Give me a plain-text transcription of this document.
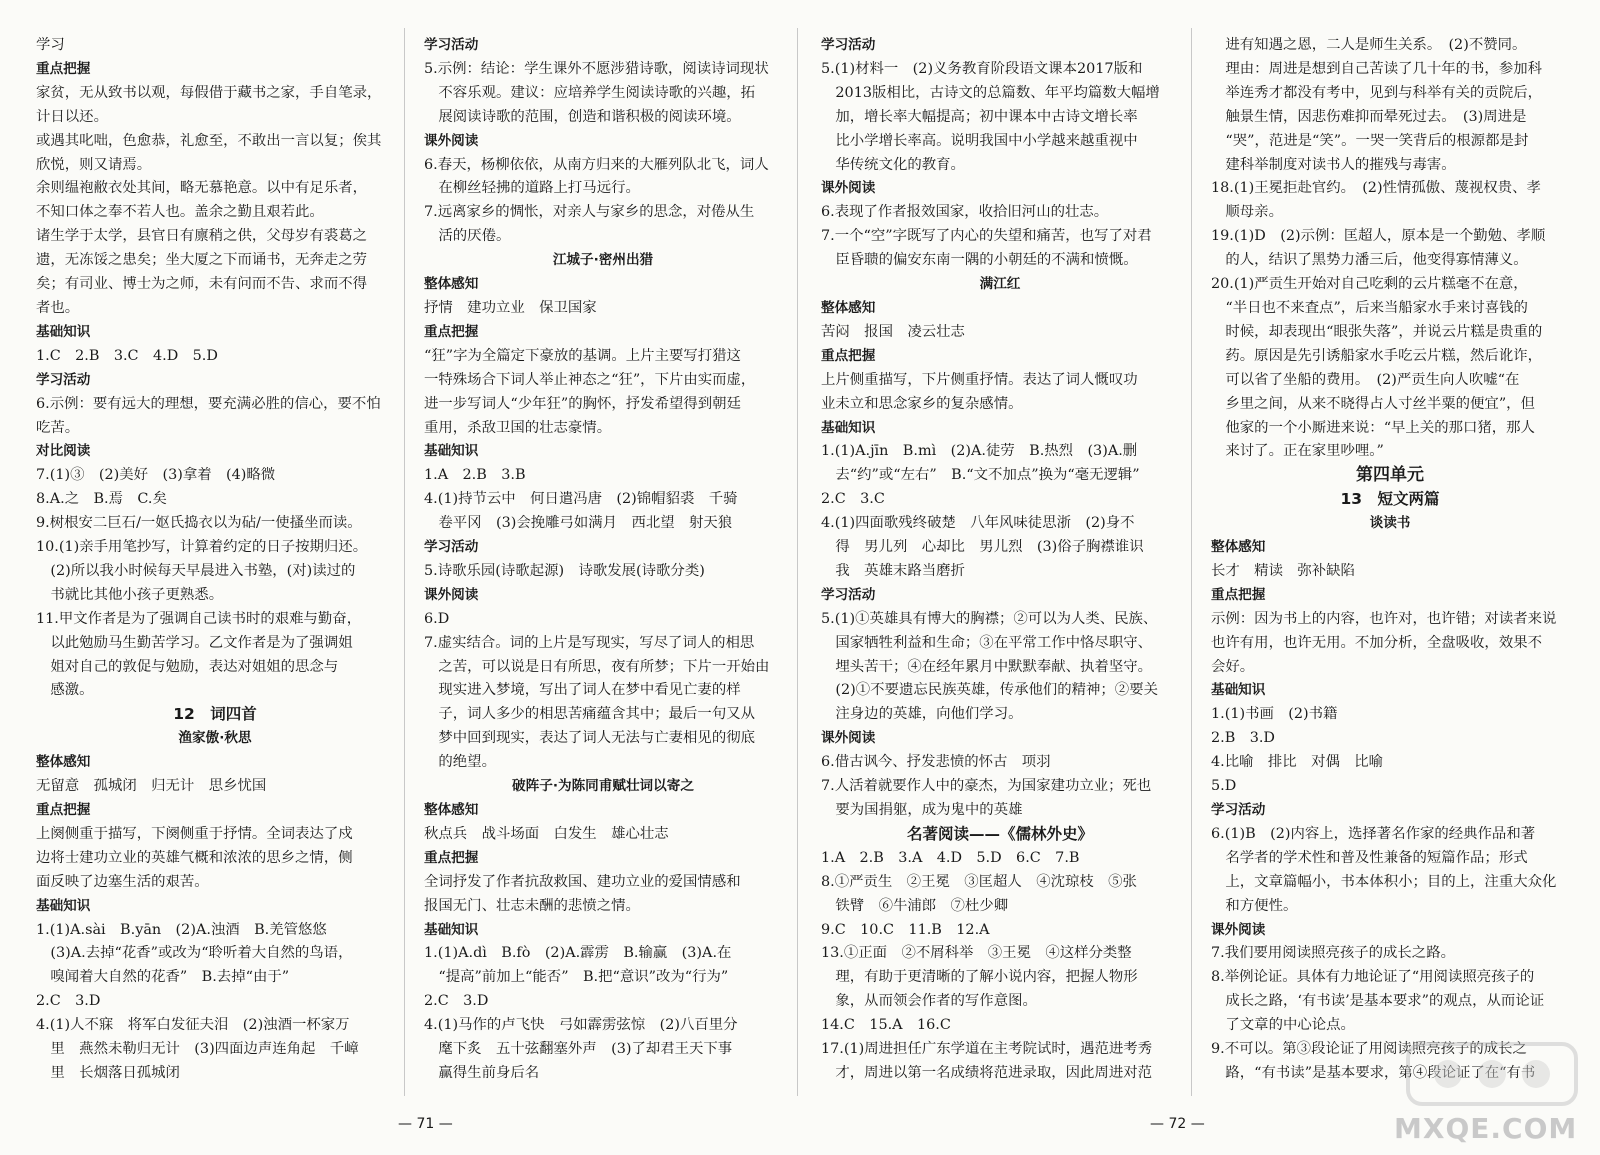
学习
重点把握
家贫，无从致书以观，每假借于藏书之家，手自笔录，
计日以还。
或遇其叱咄，色愈恭，礼愈至，不敢出一言以复；俟其
欣悦，则又请焉。
余则缊袍敝衣处其间，略无慕艳意。以中有足乐者，
不知口体之奉不若人也。盖余之勤且艰若此。
诸生学于太学，县官日有廪稍之供，父母岁有裘葛之
遗，无冻馁之患矣；坐大厦之下而诵书，无奔走之劳
矣；有司业、博士为之师，未有问而不告、求而不得
者也。
基础知识
1.C　2.B　3.C　4.D　5.D
学习活动
6.示例：要有远大的理想，要充满必胜的信心，要不怕
吃苦。
对比阅读
7.(1)③　(2)美好　(3)拿着　(4)略微
8.A.之　B.焉　C.矣
9.树根安二巨石/一妪氏捣衣以为砧/一使搔坐而读。
10.(1)亲手用笔抄写，计算着约定的日子按期归还。
　(2)所以我小时候每天早晨进入书塾，(对)读过的
　书就比其他小孩子更熟悉。
11.甲文作者是为了强调自己读书时的艰难与勤奋，
　以此勉励马生勤苦学习。乙文作者是为了强调姐
　姐对自己的敦促与勉励，表达对姐姐的思念与
　感激。
12　词四首
渔家傲·秋思
整体感知
无留意　孤城闭　归无计　思乡忧国
重点把握
上阕侧重于描写，下阕侧重于抒情。全词表达了戍
边将士建功立业的英雄气概和浓浓的思乡之情，侧
面反映了边塞生活的艰苦。
基础知识
1.(1)A.sài　B.yān　(2)A.浊酒　B.羌管悠悠
　(3)A.去掉“花香”或改为“聆听着大自然的鸟语，
　嗅闻着大自然的花香”　B.去掉“由于”
2.C　3.D
4.(1)人不寐　将军白发征夫泪　(2)浊酒一杯家万
　里　燕然未勒归无计　(3)四面边声连角起　千嶂
　里　长烟落日孤城闭
学习活动
5.示例：结论：学生课外不愿涉猎诗歌，阅读诗词现状
　不容乐观。建议：应培养学生阅读诗歌的兴趣，拓
　展阅读诗歌的范围，创造和谐积极的阅读环境。
课外阅读
6.春天，杨柳依依，从南方归来的大雁列队北飞，词人
　在柳丝轻拂的道路上打马远行。
7.远离家乡的惆怅，对亲人与家乡的思念，对倦从生
　活的厌倦。
江城子·密州出猎
整体感知
抒情　建功立业　保卫国家
重点把握
“狂”字为全篇定下豪放的基调。上片主要写打猎这
一特殊场合下词人举止神态之“狂”，下片由实而虚，
进一步写词人“少年狂”的胸怀，抒发希望得到朝廷
重用，杀敌卫国的壮志豪情。
基础知识
1.A　2.B　3.B
4.(1)持节云中　何日遣冯唐　(2)锦帽貂裘　千骑
　卷平冈　(3)会挽雕弓如满月　西北望　射天狼
学习活动
5.诗歌乐园(诗歌起源)　诗歌发展(诗歌分类)
课外阅读
6.D
7.虚实结合。词的上片是写现实，写尽了词人的相思
　之苦，可以说是日有所思，夜有所梦；下片一开始由
　现实进入梦境，写出了词人在梦中看见亡妻的样
　子，词人多少的相思苦痛蕴含其中；最后一句又从
　梦中回到现实，表达了词人无法与亡妻相见的彻底
　的绝望。
破阵子·为陈同甫赋壮词以寄之
整体感知
秋点兵　战斗场面　白发生　雄心壮志
重点把握
全词抒发了作者抗敌救国、建功立业的爱国情感和
报国无门、壮志未酬的悲愤之情。
基础知识
1.(1)A.dì　B.fò　(2)A.霹雳　B.输赢　(3)A.在
　“提高”前加上“能否”　B.把“意识”改为“行为”
2.C　3.D
4.(1)马作的卢飞快　弓如霹雳弦惊　(2)八百里分
　麾下炙　五十弦翻塞外声　(3)了却君王天下事
　赢得生前身后名
学习活动
5.(1)材料一　(2)义务教育阶段语文课本2017版和
　2013版相比，古诗文的总篇数、年平均篇数大幅增
　加，增长率大幅提高；初中课本中古诗文增长率
　比小学增长率高。说明我国中小学越来越重视中
　华传统文化的教育。
课外阅读
6.表现了作者报效国家，收拾旧河山的壮志。
7.一个“空”字既写了内心的失望和痛苦，也写了对君
　臣昏聩的偏安东南一隅的小朝廷的不满和愤慨。
满江红
整体感知
苦闷　报国　凌云壮志
重点把握
上片侧重描写，下片侧重抒情。表达了词人慨叹功
业未立和思念家乡的复杂感情。
基础知识
1.(1)A.jīn　B.mì　(2)A.徒劳　B.热烈　(3)A.删
　去“约”或“左右”　B.“文不加点”换为“毫无逻辑”
2.C　3.C
4.(1)四面歌残终破楚　八年风味徒思浙　(2)身不
　得　男儿列　心却比　男儿烈　(3)俗子胸襟谁识
　我　英雄末路当磨折
学习活动
5.(1)①英雄具有博大的胸襟；②可以为人类、民族、
　国家牺牲利益和生命；③在平常工作中恪尽职守、
　埋头苦干；④在经年累月中默默奉献、执着坚守。
　(2)①不要遗忘民族英雄，传承他们的精神；②要关
　注身边的英雄，向他们学习。
课外阅读
6.借古讽今、抒发悲愤的怀古　项羽
7.人活着就要作人中的豪杰，为国家建功立业；死也
　要为国捐躯，成为鬼中的英雄
名著阅读——《儒林外史》
1.A　2.B　3.A　4.D　5.D　6.C　7.B
8.①严贡生　②王冕　③匡超人　④沈琼枝　⑤张
　铁臂　⑥牛浦郎　⑦杜少卿
9.C　10.C　11.B　12.A
13.①正面　②不屑科举　③王冕　④这样分类整
　理，有助于更清晰的了解小说内容，把握人物形
　象，从而领会作者的写作意图。
14.C　15.A　16.C
17.(1)周进担任广东学道在主考院试时，遇范进考秀
　才，周进以第一名成绩将范进录取，因此周进对范
　进有知遇之恩，二人是师生关系。　(2)不赞同。
　理由：周进是想到自己苦读了几十年的书，参加科
　举连秀才都没有考中，见到与科举有关的贡院后，
　触景生情，因悲伤难抑而晕死过去。　(3)周进是
　“哭”，范进是“笑”。一哭一笑背后的根源都是封
　建科举制度对读书人的摧残与毒害。
18.(1)王冕拒赴官约。　(2)性情孤傲、蔑视权贵、孝
　顺母亲。
19.(1)D　(2)示例：匡超人，原本是一个勤勉、孝顺
　的人，结识了黑势力潘三后，他变得寡情薄义。
20.(1)严贡生开始对自己吃剩的云片糕毫不在意，
　“半日也不来査点”，后来当船家水手来讨喜钱的
　时候，却表现出“眼张失落”，并说云片糕是贵重的
　药。原因是先引诱船家水手吃云片糕，然后讹诈，
　可以省了坐船的费用。　(2)严贡生向人吹嘘“在
　乡里之间，从来不晓得占人寸丝半粟的便宜”，但
　他家的一个小厮进来说：“早上关的那口猪，那人
　来讨了。正在家里吵哩。”
第四单元
13　短文两篇
谈读书
整体感知
长才　精读　弥补缺陷
重点把握
示例：因为书上的内容，也许对，也许错；对读者来说
也许有用，也许无用。不加分析，全盘吸收，效果不
会好。
基础知识
1.(1)书画　(2)书籍
2.B　3.D
4.比喻　排比　对偶　比喻
5.D
学习活动
6.(1)B　(2)内容上，选择著名作家的经典作品和著
　名学者的学术性和普及性兼备的短篇作品；形式
　上，文章篇幅小，书本体积小；目的上，注重大众化
　和方便性。
课外阅读
7.我们要用阅读照亮孩子的成长之路。
8.举例论证。具体有力地论证了“用阅读照亮孩子的
　成长之路，‘有书读’是基本要求”的观点，从而论证
　了文章的中心论点。
9.不可以。第③段论证了用阅读照亮孩子的成长之
　路，“有书读”是基本要求，第④段论证了在“有书
— 71 —	— 72 —	MXQE.COM
